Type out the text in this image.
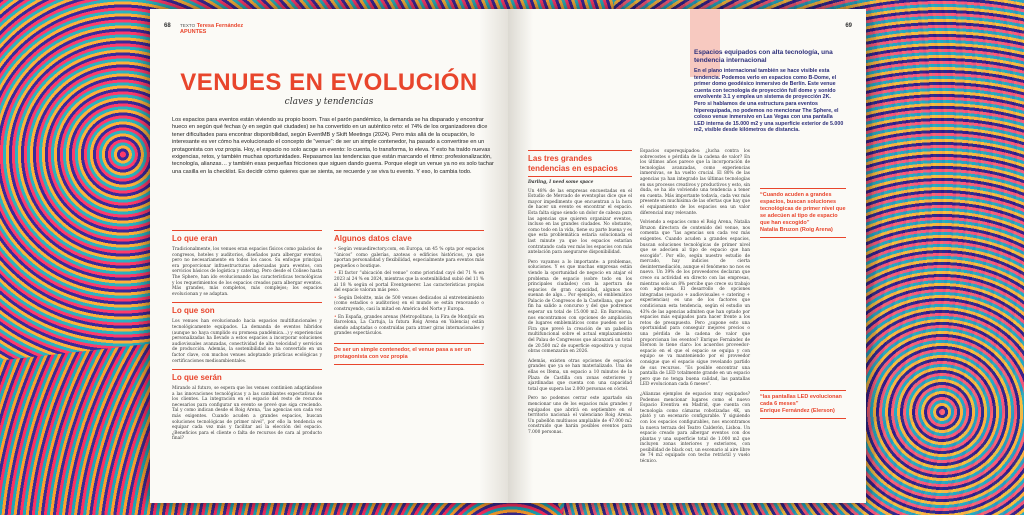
68 TEXTO Teresa Fernández
APUNTES
VENUES EN EVOLUCIÓN
claves y tendencias
Los espacios para eventos están viviendo su propio boom. Tras el parón pandémico, la demanda se ha disparado y encontrar hueco en según qué fechas (y en según qué ciudades) se ha convertido en un auténtico reto: el 74% de los organizadores dice tener dificultades para encontrar disponibilidad, según EventMB y Skift Meetings (2024). Pero más allá de la ocupación, lo interesante es ver cómo ha evolucionado el concepto de “venue”: de ser un simple contenedor, ha pasado a convertirse en un protagonista con voz propia. Hoy, el espacio no solo acoge un evento: lo cuenta, lo transforma, lo eleva. Y esto ha traído nuevas exigencias, retos, y también muchas oportunidades. Repasamos las tendencias que están marcando el ritmo: profesionalización, tecnología, alianzas… y también esas pequeñas fricciones que siguen dando guerra. Porque elegir un venue ya no es solo tachar una casilla en la checklist. Es decidir cómo quieres que se sienta, se recuerde y se viva tu evento. Y eso, lo cambia todo.
Lo que eran
Tradicionalmente, los venues eran espacios físicos como palacios de congresos, hoteles y auditorios, diseñados para albergar eventos, pero no necesariamente en todos los casos. Su enfoque principal era proporcionar infraestructuras adecuadas para eventos, con servicios básicos de logística y catering. Pero desde el Coliseo hasta The Sphere, han ido evolucionando las características tecnológicas y los requerimientos de los espacios creados para albergar eventos. Más grandes, más completos, más complejos; los espacios evolucionan y se adaptan.
Lo que son
Los venues han evolucionado hacia espacios multifuncionales y tecnológicamente equipados. La demanda de eventos híbridos (aunque no haya cumplido su promesa pandémica...) y experiencias personalizadas ha llevado a estos espacios a incorporar soluciones audiovisuales avanzadas, conectividad de alta velocidad y servicios de producción. Además, la sostenibilidad se ha convertido en un factor clave, con muchos venues adoptando prácticas ecológicas y certificaciones medioambientales.
Lo que serán
Mirando al futuro, se espera que los venues continúen adaptándose a las innovaciones tecnológicas y a las cambiantes expectativas de los clientes. La integración en el espacio del resto de recursos necesarios para configurar un evento se prevé que siga creciendo. Tal y como indican desde el Roig Arena, “las agencias son cada vez más exigentes. Cuando acuden a grandes espacios, buscan soluciones tecnológicas de primer nivel”, por ello la tendencia es equipar cada vez más y facilitar así la elección del espacio. ¿Beneficios para el cliente o falta de recursos de cara al producto final?
Algunos datos clave
• Según venuedirectory.com, en Europa, un 45 % opta por espacios “únicos” como galerías, azoteas o edificios históricos, ya que aportan personalidad y flexibilidad, especialmente para eventos más pequeños o boutique.
• El factor “ubicación del venue” como prioridad cayó del 71 % en 2023 al 24 % en 2024, mientras que la sostenibilidad subió del 11 % al 18 % según el portal Eventgenerer. Las características propias del espacio valoran más peso.
• Según Deloitte, más de 500 venues dedicados al entretenimiento (como estadios o auditorios) en el mundo se están renovando o construyendo, casi la mitad en América del Norte y Europa.
• En España, grandes arenas (Metropolitano, la Fira de Montjuïc en Barcelona, La Cartuja, la futura Roig Arena en Valencia) están siendo adaptadas o construidas para atraer giras internacionales y grandes espectáculos.
De ser un simple contenedor, el venue pasa a ser un protagonista con voz propia
69
Espacios equipados con alta tecnología, una tendencia internacional
En el plano internacional también se hace visible esta tendencia. Podemos verlo en espacios como B-Dome, el primer domo geodésico inmersivo de Berlín. Este venue cuenta con tecnología de proyección full dome y sonido envolvente 3.1 y emplea un sistema de proyección 2K. Pero si hablamos de una estructura para eventos hiperequipada, no podemos no mencionar The Sphere, el coloso venue inmersivo en Las Vegas con una pantalla LED interna de 15.000 m2 y una superficie exterior de 5.000 m2, visible desde kilómetros de distancia.
Las tres grandes tendencias en espacios
Darling, I need some space
Un 48% de las empresas encuestadas en el Estudio de Mercado de eventoplus dice que el mayor impedimento que encuentran a la hora de hacer un evento es encontrar el espacio. Esta falta sigue siendo un dolor de cabeza para las agencias que quieren organizar eventos, incluso en las grandes ciudades. No obstante, como todo en la vida, tiene su parte buena y es que esta problemática estaría solucionada el last minute ya que los espacios estarían contratando cada vez más los espacios con más antelación para asegurarse disponibilidad.
Pero vayamos a lo importante: a problemas, soluciones. Y es que muchas empresas están viendo la oportunidad de negocio en atajar el problema de espacio (sobre todo en los principales ciudades) con la apertura de espacios de gran capacidad, algunos nos suenan de algo... Por ejemplo, el emblemático Palacio de Congresos de la Castellana, que por fin ha salido a concurso y del que podremos esperar un total de 15.000 m2. En Barcelona, nos encontramos con opciones de ampliación de lugares emblemáticos como pueden ser la Fira que prevé la creación de un pabellón multifuncional sobre el actual emplazamiento del Palau de Congressos que alcanzará un total de 20.500 m2 de superficie expositiva y cuyas obras comenzarán en 2026.
Además, existen otras opciones de espacios grandes que ya se han materializado. Una de ellas es Ifema, un espacio a 10 minutos de la Plaza de Castilla con zonas exteriores y ajardinadas que cuenta con una capacidad total que supera las 2.000 personas en cóctel.
Pero no podemos cerrar este apartado sin mencionar uno de los espacios más grandes y equipados que abrirá en septiembre en el territorio nacional: el valenciano Roig Arena. Un pabellón multiusos ampliable de 47.000 m2 construido que harán posibles eventos para 7.000 personas.
Espacios superequipados: ¿lucha contra los sobrecostes o pérdida de la cadena de valor? En los últimos años parece que la incorporación de tecnologías avanzadas, como experiencias inmersivas, se ha vuelto crucial. El 80% de las agencias ya han integrado las últimas tecnologías en sus procesos creativos y productivos y esto, sin duda, se ha ido volviendo una tendencia a tener en cuenta. Más importante todavía, cada vez más presente en muchísima de las ofertas que hay que el equipamiento de los espacios sea un valor diferencial muy relevante.
Volviendo a espacios como el Roig Arena, Natalia Bruzon directora de contenido del venue, nos comenta que “las agencias son cada vez más exigentes. Cuando acuden a grandes espacios, buscan soluciones tecnológicas de primer nivel que se adecúen al tipo de espacio que han escogido”. Por ello, según nuestro estudio de mercado, hay indicios de cierta desintermediación, aunque el fenómeno no nos es nuevo. Un 39% de los proveedores declaran que crece su actividad en directo con las empresas, mientras solo un 8% percibe que crece su trabajo con agencias. El desarrollo de opciones integradas (espacio + audiovisuales + catering + experiencias) es uno de los factores que condicionan esta tendencia, según el estudio un 43% de las agencias admiten que han optado por espacios más equipados para hacer frente a los retos de presupuesto. Pero ¿supone esto una oportunidad para conseguir mejores precios o una pérdida de la cadena de valor que proporcionan los eventos? Enrique Fernández de Elerson lo tiene claro: los acuerdos proveedor-espacio en el que el espacio se equipa y con equipo se va manteniendo por el proveedor consigue que el espacio sigue revelando partido de sus recursos. “Es posible encontrar una pantalla de LED totalmente grande en un espacio pero que no tenga buena calidad, las pantallas LED evolucionan cada 6 meses”.
¿Alianzas ejemplos de espacios muy equipados? Podemos mencionar lugares como el nuevo Espacio Eventiva en Madrid, que cuenta con tecnología como cámaras robotizadas 4K, un plató y un escenario configurable. Y siguiendo con los espacios configurables, nos encontramos la nueva terraza del Teatro Calderón, Lisboa. Un espacio creado para albergar eventos con dos plantas y una superficie total de 1.000 m2 que incluyen zonas interiores y exteriores, con posibilidad de black out, un escenario al aire libre de 74 m2 equipado con techo retráctil y vuelo técnico.
“Cuando acuden a grandes espacios, buscan soluciones tecnológicas de primer nivel que se adecúen al tipo de espacio que han escogido”
Natalia Bruzon (Roig Arena)
“las pantallas LED evolucionan cada 6 meses”
Enrique Fernández (Elerson)
